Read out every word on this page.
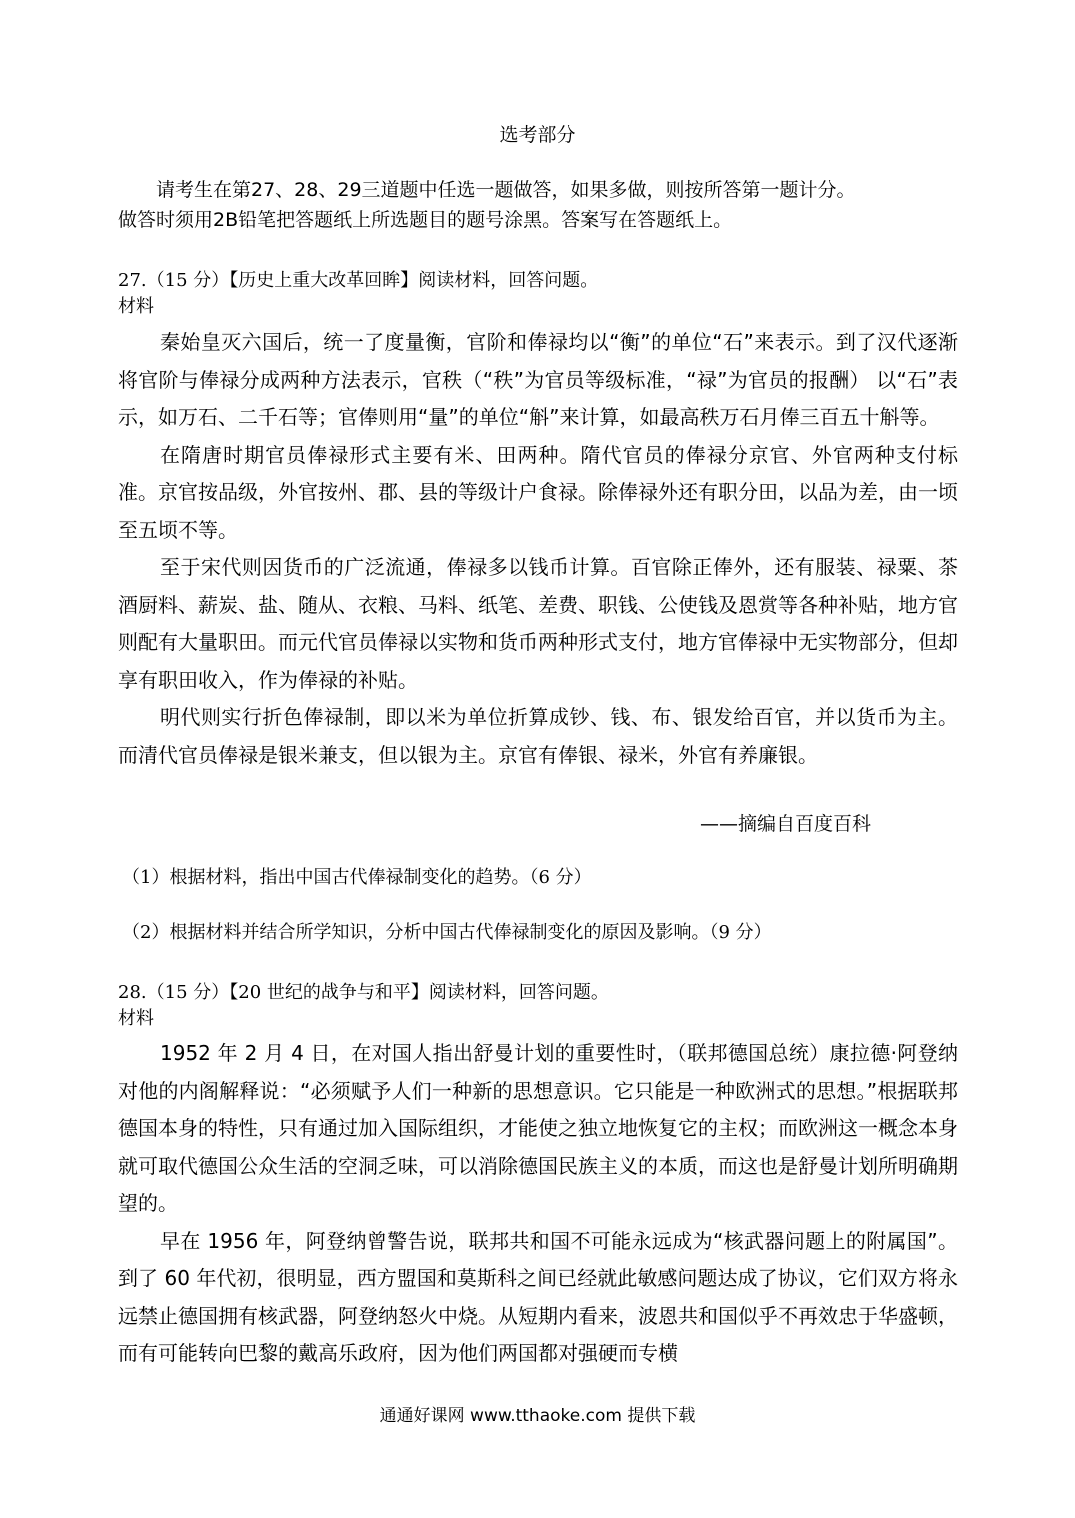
选考部分

请考生在第27、28、29三道题中任选一题做答，如果多做，则按所答第一题计分。

做答时须用2B铅笔把答题纸上所选题目的题号涂黑。答案写在答题纸上。
27.（15 分）【历史上重大改革回眸】阅读材料，回答问题。
材料

秦始皇灭六国后，统一了度量衡，官阶和俸禄均以“衡”的单位“石”来表示。到了汉代逐渐将官阶与俸禄分成两种方法表示，官秩（“秩”为官员等级标准，“禄”为官员的报酬） 以“石”表示，如万石、二千石等；官俸则用“量”的单位“斛”来计算，如最高秩万石月俸三百五十斛等。

在隋唐时期官员俸禄形式主要有米、田两种。隋代官员的俸禄分京官、外官两种支付标准。京官按品级，外官按州、郡、县的等级计户食禄。除俸禄外还有职分田，以品为差，由一顷至五顷不等。

至于宋代则因货币的广泛流通，俸禄多以钱币计算。百官除正俸外，还有服装、禄粟、茶酒厨料、薪炭、盐、随从、衣粮、马料、纸笔、差费、职钱、公使钱及恩赏等各种补贴，地方官则配有大量职田。而元代官员俸禄以实物和货币两种形式支付，地方官俸禄中无实物部分，但却享有职田收入，作为俸禄的补贴。

明代则实行折色俸禄制，即以米为单位折算成钞、钱、布、银发给百官，并以货币为主。而清代官员俸禄是银米兼支，但以银为主。京官有俸银、禄米，外官有养廉银。

——摘编自百度百科
（1）根据材料，指出中国古代俸禄制变化的趋势。（6 分）
（2）根据材料并结合所学知识，分析中国古代俸禄制变化的原因及影响。（9 分）
28.（15 分）【20 世纪的战争与和平】阅读材料，回答问题。
材料

1952 年 2 月 4 日，在对国人指出舒曼计划的重要性时，（联邦德国总统）康拉德·阿登纳对他的内阁解释说：“必须赋予人们一种新的思想意识。它只能是一种欧洲式的思想。”根据联邦德国本身的特性，只有通过加入国际组织，才能使之独立地恢复它的主权；而欧洲这一概念本身就可取代德国公众生活的空洞乏味，可以消除德国民族主义的本质，而这也是舒曼计划所明确期望的。

早在 1956 年，阿登纳曾警告说，联邦共和国不可能永远成为“核武器问题上的附属国”。到了 60 年代初，很明显，西方盟国和莫斯科之间已经就此敏感问题达成了协议，它们双方将永远禁止德国拥有核武器，阿登纳怒火中烧。从短期内看来，波恩共和国似乎不再效忠于华盛顿，而有可能转向巴黎的戴高乐政府，因为他们两国都对强硬而专横

通通好课网 www.tthaoke.com 提供下载
